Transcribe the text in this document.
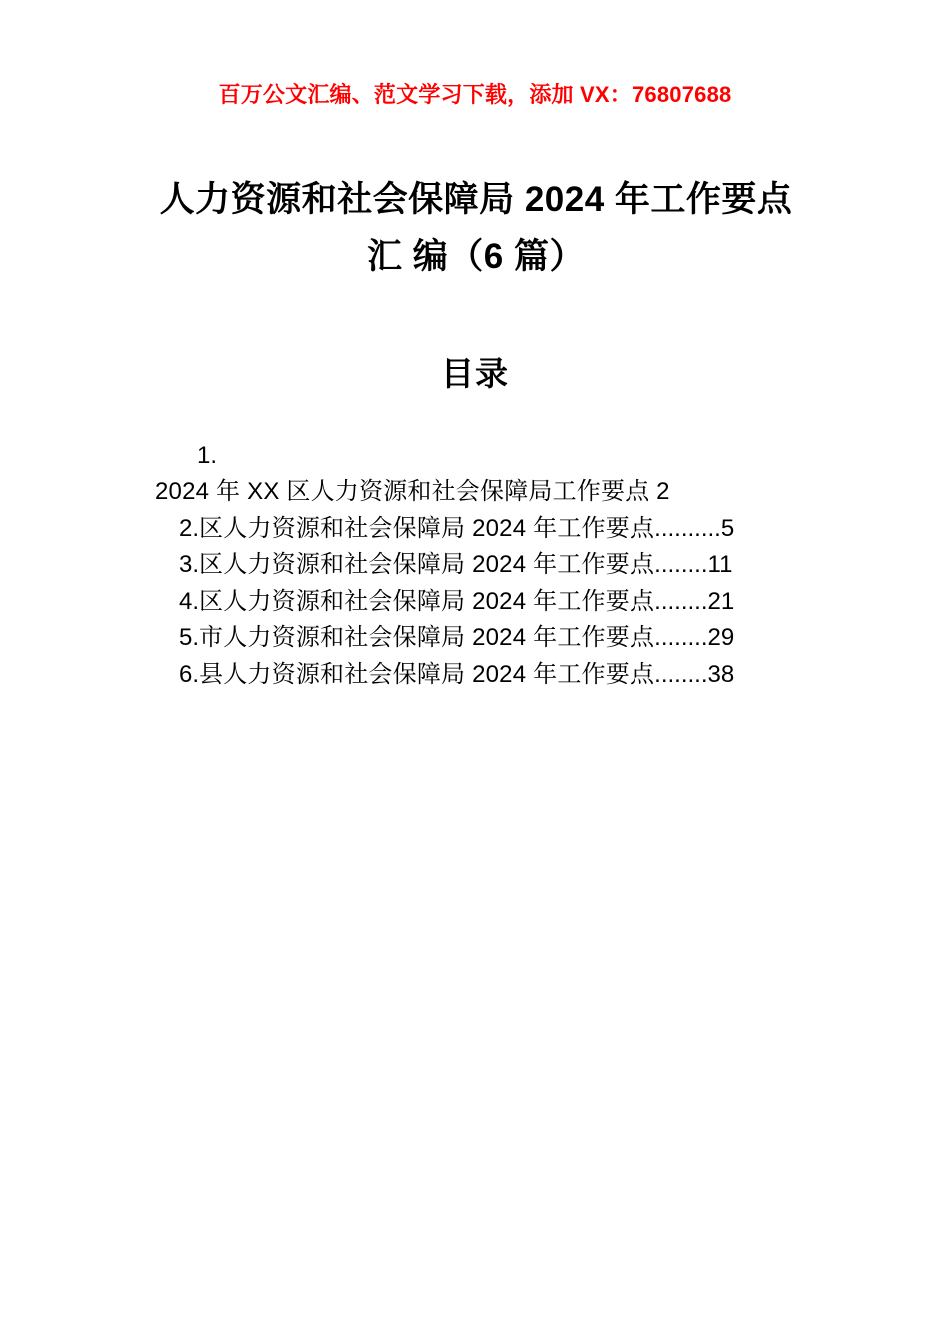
百万公文汇编、范文学习下载，添加 VX：76807688
人力资源和社会保障局 2024 年工作要点汇 编（6 篇）
目录
1.
2024 年 XX 区人力资源和社会保障局工作要点 2
2.区人力资源和社会保障局 2024 年工作要点..........5
3.区人力资源和社会保障局 2024 年工作要点........11
4.区人力资源和社会保障局 2024 年工作要点........21
5.市人力资源和社会保障局 2024 年工作要点........29
6.县人力资源和社会保障局 2024 年工作要点........38
